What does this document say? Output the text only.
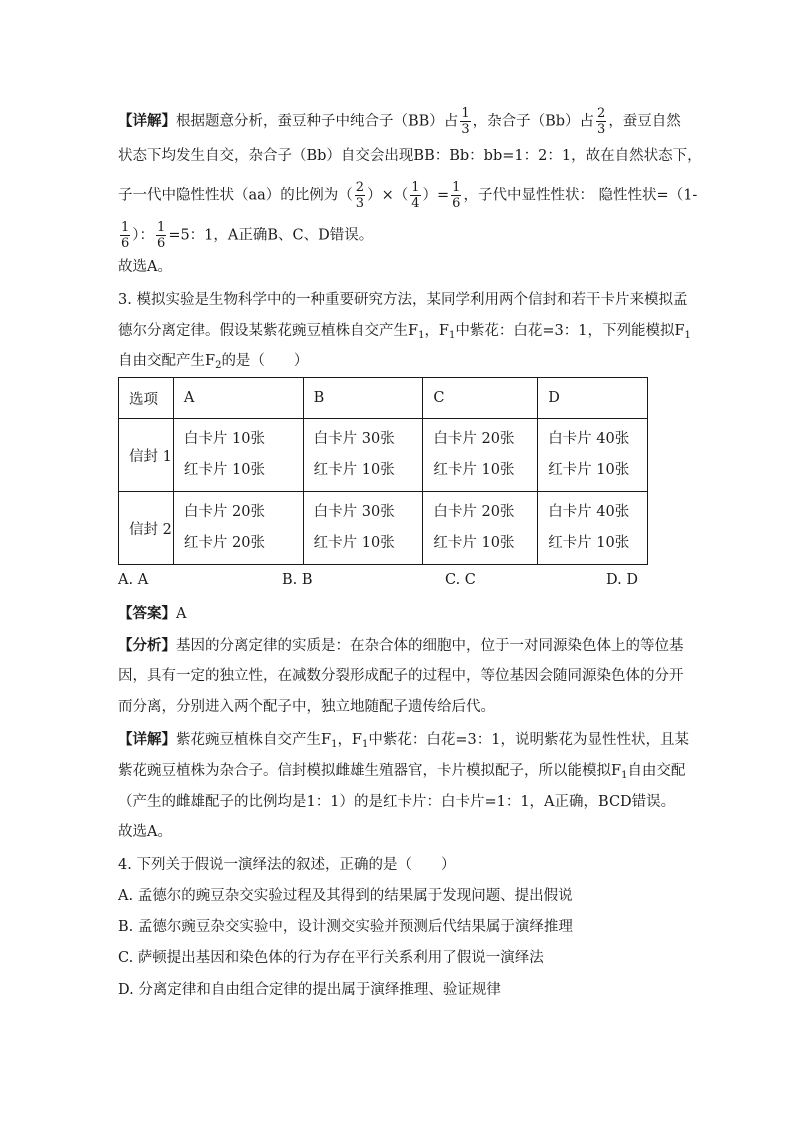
【详解】根据题意分析，蚕豆种子中纯合子（BB）占 $\frac{1}{3}$ ，杂合子（Bb）占 $\frac{2}{3}$ ，蚕豆自然
状态下均发生自交，杂合子（Bb）自交会出现BB：Bb：bb=1：2：1，故在自然状态下，
子一代中隐性性状（aa）的比例为（ $\frac{2}{3}$ ）×（ $\frac{1}{4}$ ）= $\frac{1}{6}$ ，子代中显性性状： 隐性性状=（1-
$\frac{1}{6}$ ）： $\frac{1}{6} =5$：1，A正确B、C、D错误。
故选A。
3. 模拟实验是生物科学中的一种重要研究方法，某同学利用两个信封和若干卡片来模拟孟
德尔分离定律。假设某紫花豌豆植株自交产生$F_1$，$F_1$中紫花：白花=3：1，下列能模拟$F_1$
自由交配产生$F_2$的是（　　）
选项	A	B	C	D
信封 1	白卡片 10张
红卡片 10张	白卡片 30张
红卡片 10张	白卡片 20张
红卡片 10张	白卡片 40张
红卡片 10张

信封 2	白卡片 20张
红卡片 20张	白卡片 30张
红卡片 10张	白卡片 20张
红卡片 10张	白卡片 40张
红卡片 10张
A. A	B. B	C. C	D. D
【答案】A
【分析】基因的分离定律的实质是：在杂合体的细胞中，位于一对同源染色体上的等位基
因，具有一定的独立性，在减数分裂形成配子的过程中，等位基因会随同源染色体的分开
而分离，分别进入两个配子中，独立地随配子遗传给后代。
【详解】紫花豌豆植株自交产生$F_1$，$F_1$中紫花：白花=3：1，说明紫花为显性性状，且某
紫花豌豆植株为杂合子。信封模拟雌雄生殖器官，卡片模拟配子，所以能模拟$F_1$自由交配
（产生的雌雄配子的比例均是1：1）的是红卡片：白卡片=1：1，A正确，BCD错误。
故选A。
4. 下列关于假说一演绎法的叙述，正确的是（　　）
A. 孟德尔的豌豆杂交实验过程及其得到的结果属于发现问题、提出假说
B. 孟德尔豌豆杂交实验中，设计测交实验并预测后代结果属于演绎推理
C. 萨顿提出基因和染色体的行为存在平行关系利用了假说一演绎法
D. 分离定律和自由组合定律的提出属于演绎推理、验证规律
